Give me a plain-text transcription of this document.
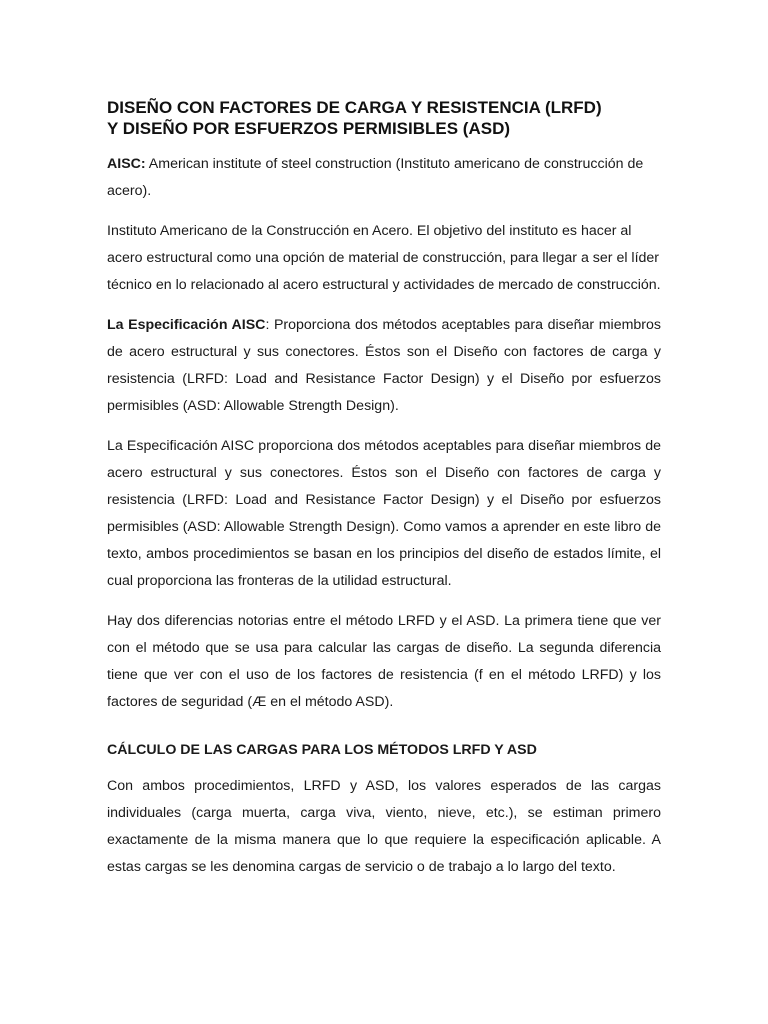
DISEÑO CON FACTORES DE CARGA Y RESISTENCIA (LRFD)
Y DISEÑO POR ESFUERZOS PERMISIBLES (ASD)

AISC: American institute of steel construction (Instituto americano de construcción de acero).

Instituto Americano de la Construcción en Acero. El objetivo del instituto es hacer al acero estructural como una opción de material de construcción, para llegar a ser el líder técnico en lo relacionado al acero estructural y actividades de mercado de construcción.

La Especificación AISC: Proporciona dos métodos aceptables para diseñar miembros de acero estructural y sus conectores. Éstos son el Diseño con factores de carga y resistencia (LRFD: Load and Resistance Factor Design) y el Diseño por esfuerzos permisibles (ASD: Allowable Strength Design).

La Especificación AISC proporciona dos métodos aceptables para diseñar miembros de acero estructural y sus conectores. Éstos son el Diseño con factores de carga y resistencia (LRFD: Load and Resistance Factor Design) y el Diseño por esfuerzos permisibles (ASD: Allowable Strength Design). Como vamos a aprender en este libro de texto, ambos procedimientos se basan en los principios del diseño de estados límite, el cual proporciona las fronteras de la utilidad estructural.

Hay dos diferencias notorias entre el método LRFD y el ASD. La primera tiene que ver con el método que se usa para calcular las cargas de diseño. La segunda diferencia tiene que ver con el uso de los factores de resistencia (f en el método LRFD) y los factores de seguridad (Æ en el método ASD).

CÁLCULO DE LAS CARGAS PARA LOS MÉTODOS LRFD Y ASD

Con ambos procedimientos, LRFD y ASD, los valores esperados de las cargas individuales (carga muerta, carga viva, viento, nieve, etc.), se estiman primero exactamente de la misma manera que lo que requiere la especificación aplicable. A estas cargas se les denomina cargas de servicio o de trabajo a lo largo del texto.
